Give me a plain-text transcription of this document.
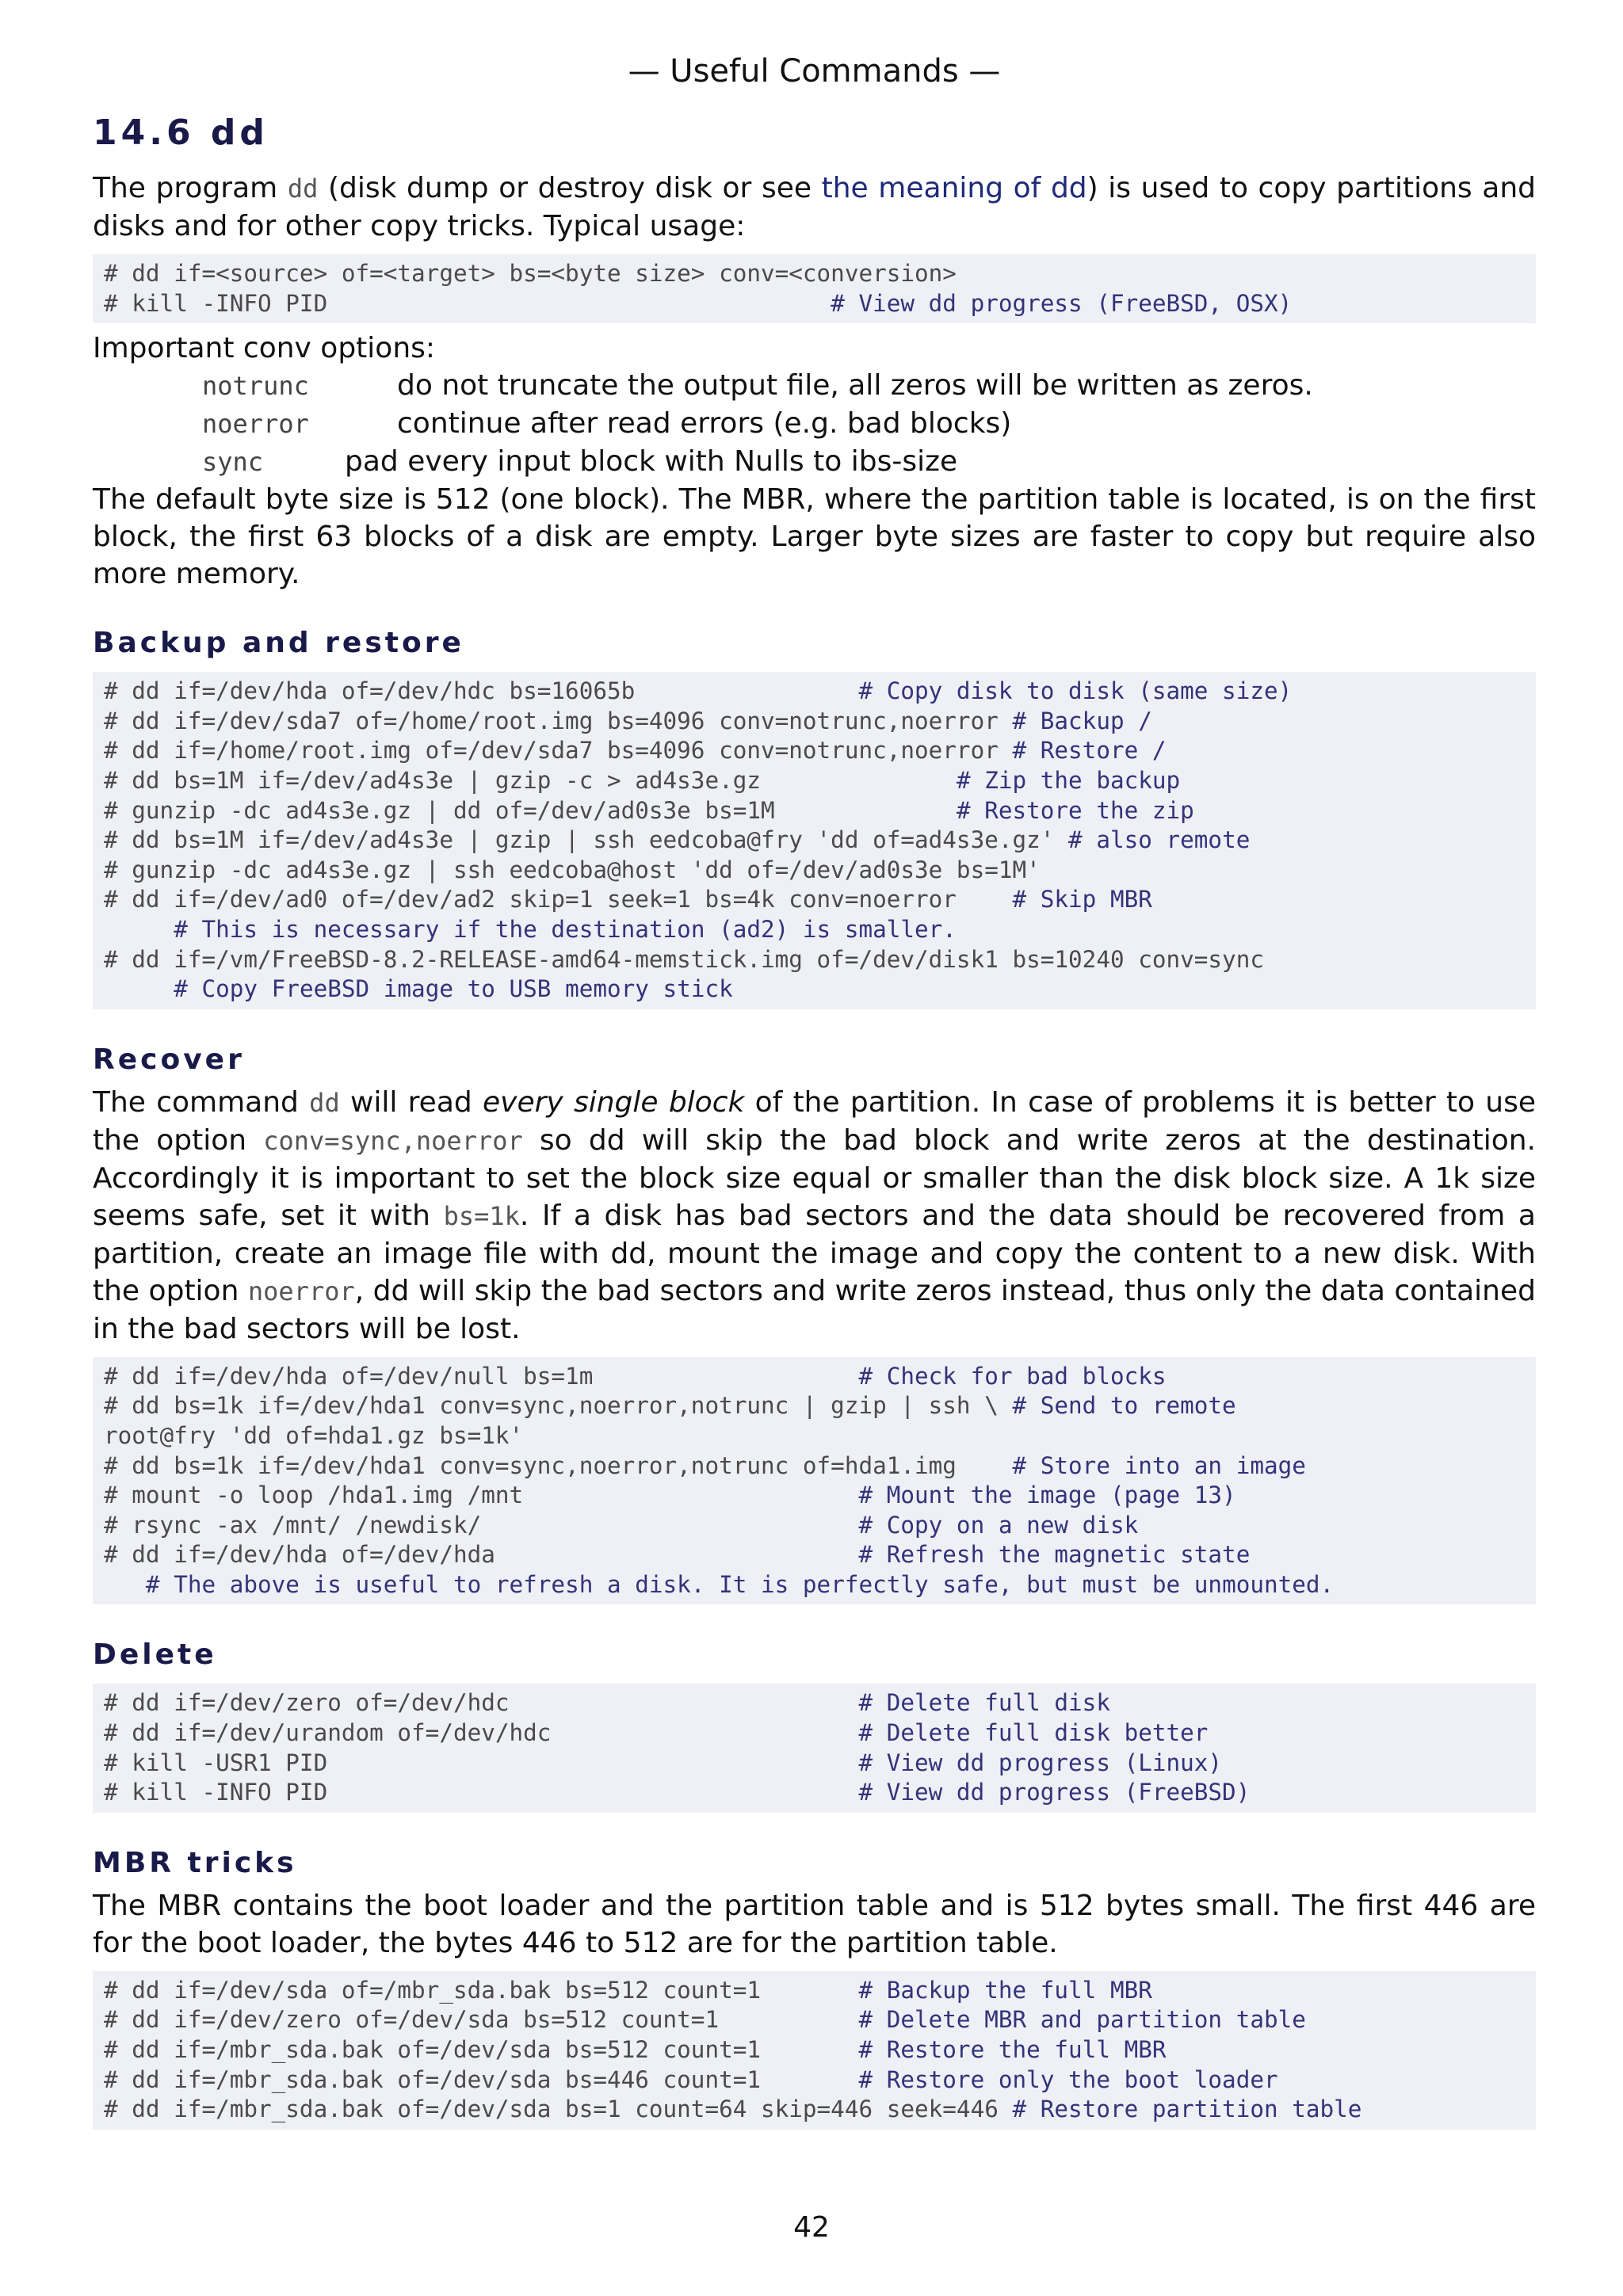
— Useful Commands —
14.6 dd

The program dd (disk dump or destroy disk or see the meaning of dd) is used to copy partitions and disks and for other copy tricks. Typical usage:

# dd if=<source> of=<target> bs=<byte size> conv=<conversion>
# kill -INFO PID                                    # View dd progress (FreeBSD, OSX)

Important conv options:

notrunc	do not truncate the output file, all zeros will be written as zeros.
noerror	continue after read errors (e.g. bad blocks)
sync	pad every input block with Nulls to ibs-size

The default byte size is 512 (one block). The MBR, where the partition table is located, is on the first block, the first 63 blocks of a disk are empty. Larger byte sizes are faster to copy but require also more memory.

Backup and restore
# dd if=/dev/hda of=/dev/hdc bs=16065b                # Copy disk to disk (same size)
# dd if=/dev/sda7 of=/home/root.img bs=4096 conv=notrunc,noerror # Backup /
# dd if=/home/root.img of=/dev/sda7 bs=4096 conv=notrunc,noerror # Restore /
# dd bs=1M if=/dev/ad4s3e | gzip -c > ad4s3e.gz              # Zip the backup
# gunzip -dc ad4s3e.gz | dd of=/dev/ad0s3e bs=1M             # Restore the zip
# dd bs=1M if=/dev/ad4s3e | gzip | ssh eedcoba@fry 'dd of=ad4s3e.gz' # also remote
# gunzip -dc ad4s3e.gz | ssh eedcoba@host 'dd of=/dev/ad0s3e bs=1M'
# dd if=/dev/ad0 of=/dev/ad2 skip=1 seek=1 bs=4k conv=noerror    # Skip MBR
# This is necessary if the destination (ad2) is smaller.
# dd if=/vm/FreeBSD-8.2-RELEASE-amd64-memstick.img of=/dev/disk1 bs=10240 conv=sync
# Copy FreeBSD image to USB memory stick
Recover

The command dd will read every single block of the partition. In case of problems it is better to use the option conv=sync,noerror so dd will skip the bad block and write zeros at the destination. Accordingly it is important to set the block size equal or smaller than the disk block size. A 1k size seems safe, set it with bs=1k. If a disk has bad sectors and the data should be recovered from a partition, create an image file with dd, mount the image and copy the content to a new disk. With the option noerror, dd will skip the bad sectors and write zeros instead, thus only the data contained in the bad sectors will be lost.

# dd if=/dev/hda of=/dev/null bs=1m                   # Check for bad blocks
# dd bs=1k if=/dev/hda1 conv=sync,noerror,notrunc | gzip | ssh \ # Send to remote
root@fry 'dd of=hda1.gz bs=1k'
# dd bs=1k if=/dev/hda1 conv=sync,noerror,notrunc of=hda1.img    # Store into an image
# mount -o loop /hda1.img /mnt                        # Mount the image (page 13)
# rsync -ax /mnt/ /newdisk/                           # Copy on a new disk
# dd if=/dev/hda of=/dev/hda                          # Refresh the magnetic state
# The above is useful to refresh a disk. It is perfectly safe, but must be unmounted.
Delete
# dd if=/dev/zero of=/dev/hdc                         # Delete full disk
# dd if=/dev/urandom of=/dev/hdc                      # Delete full disk better
# kill -USR1 PID                                      # View dd progress (Linux)
# kill -INFO PID                                      # View dd progress (FreeBSD)
MBR tricks

The MBR contains the boot loader and the partition table and is 512 bytes small. The first 446 are for the boot loader, the bytes 446 to 512 are for the partition table.

# dd if=/dev/sda of=/mbr_sda.bak bs=512 count=1       # Backup the full MBR
# dd if=/dev/zero of=/dev/sda bs=512 count=1          # Delete MBR and partition table
# dd if=/mbr_sda.bak of=/dev/sda bs=512 count=1       # Restore the full MBR
# dd if=/mbr_sda.bak of=/dev/sda bs=446 count=1       # Restore only the boot loader
# dd if=/mbr_sda.bak of=/dev/sda bs=1 count=64 skip=446 seek=446 # Restore partition table
42
